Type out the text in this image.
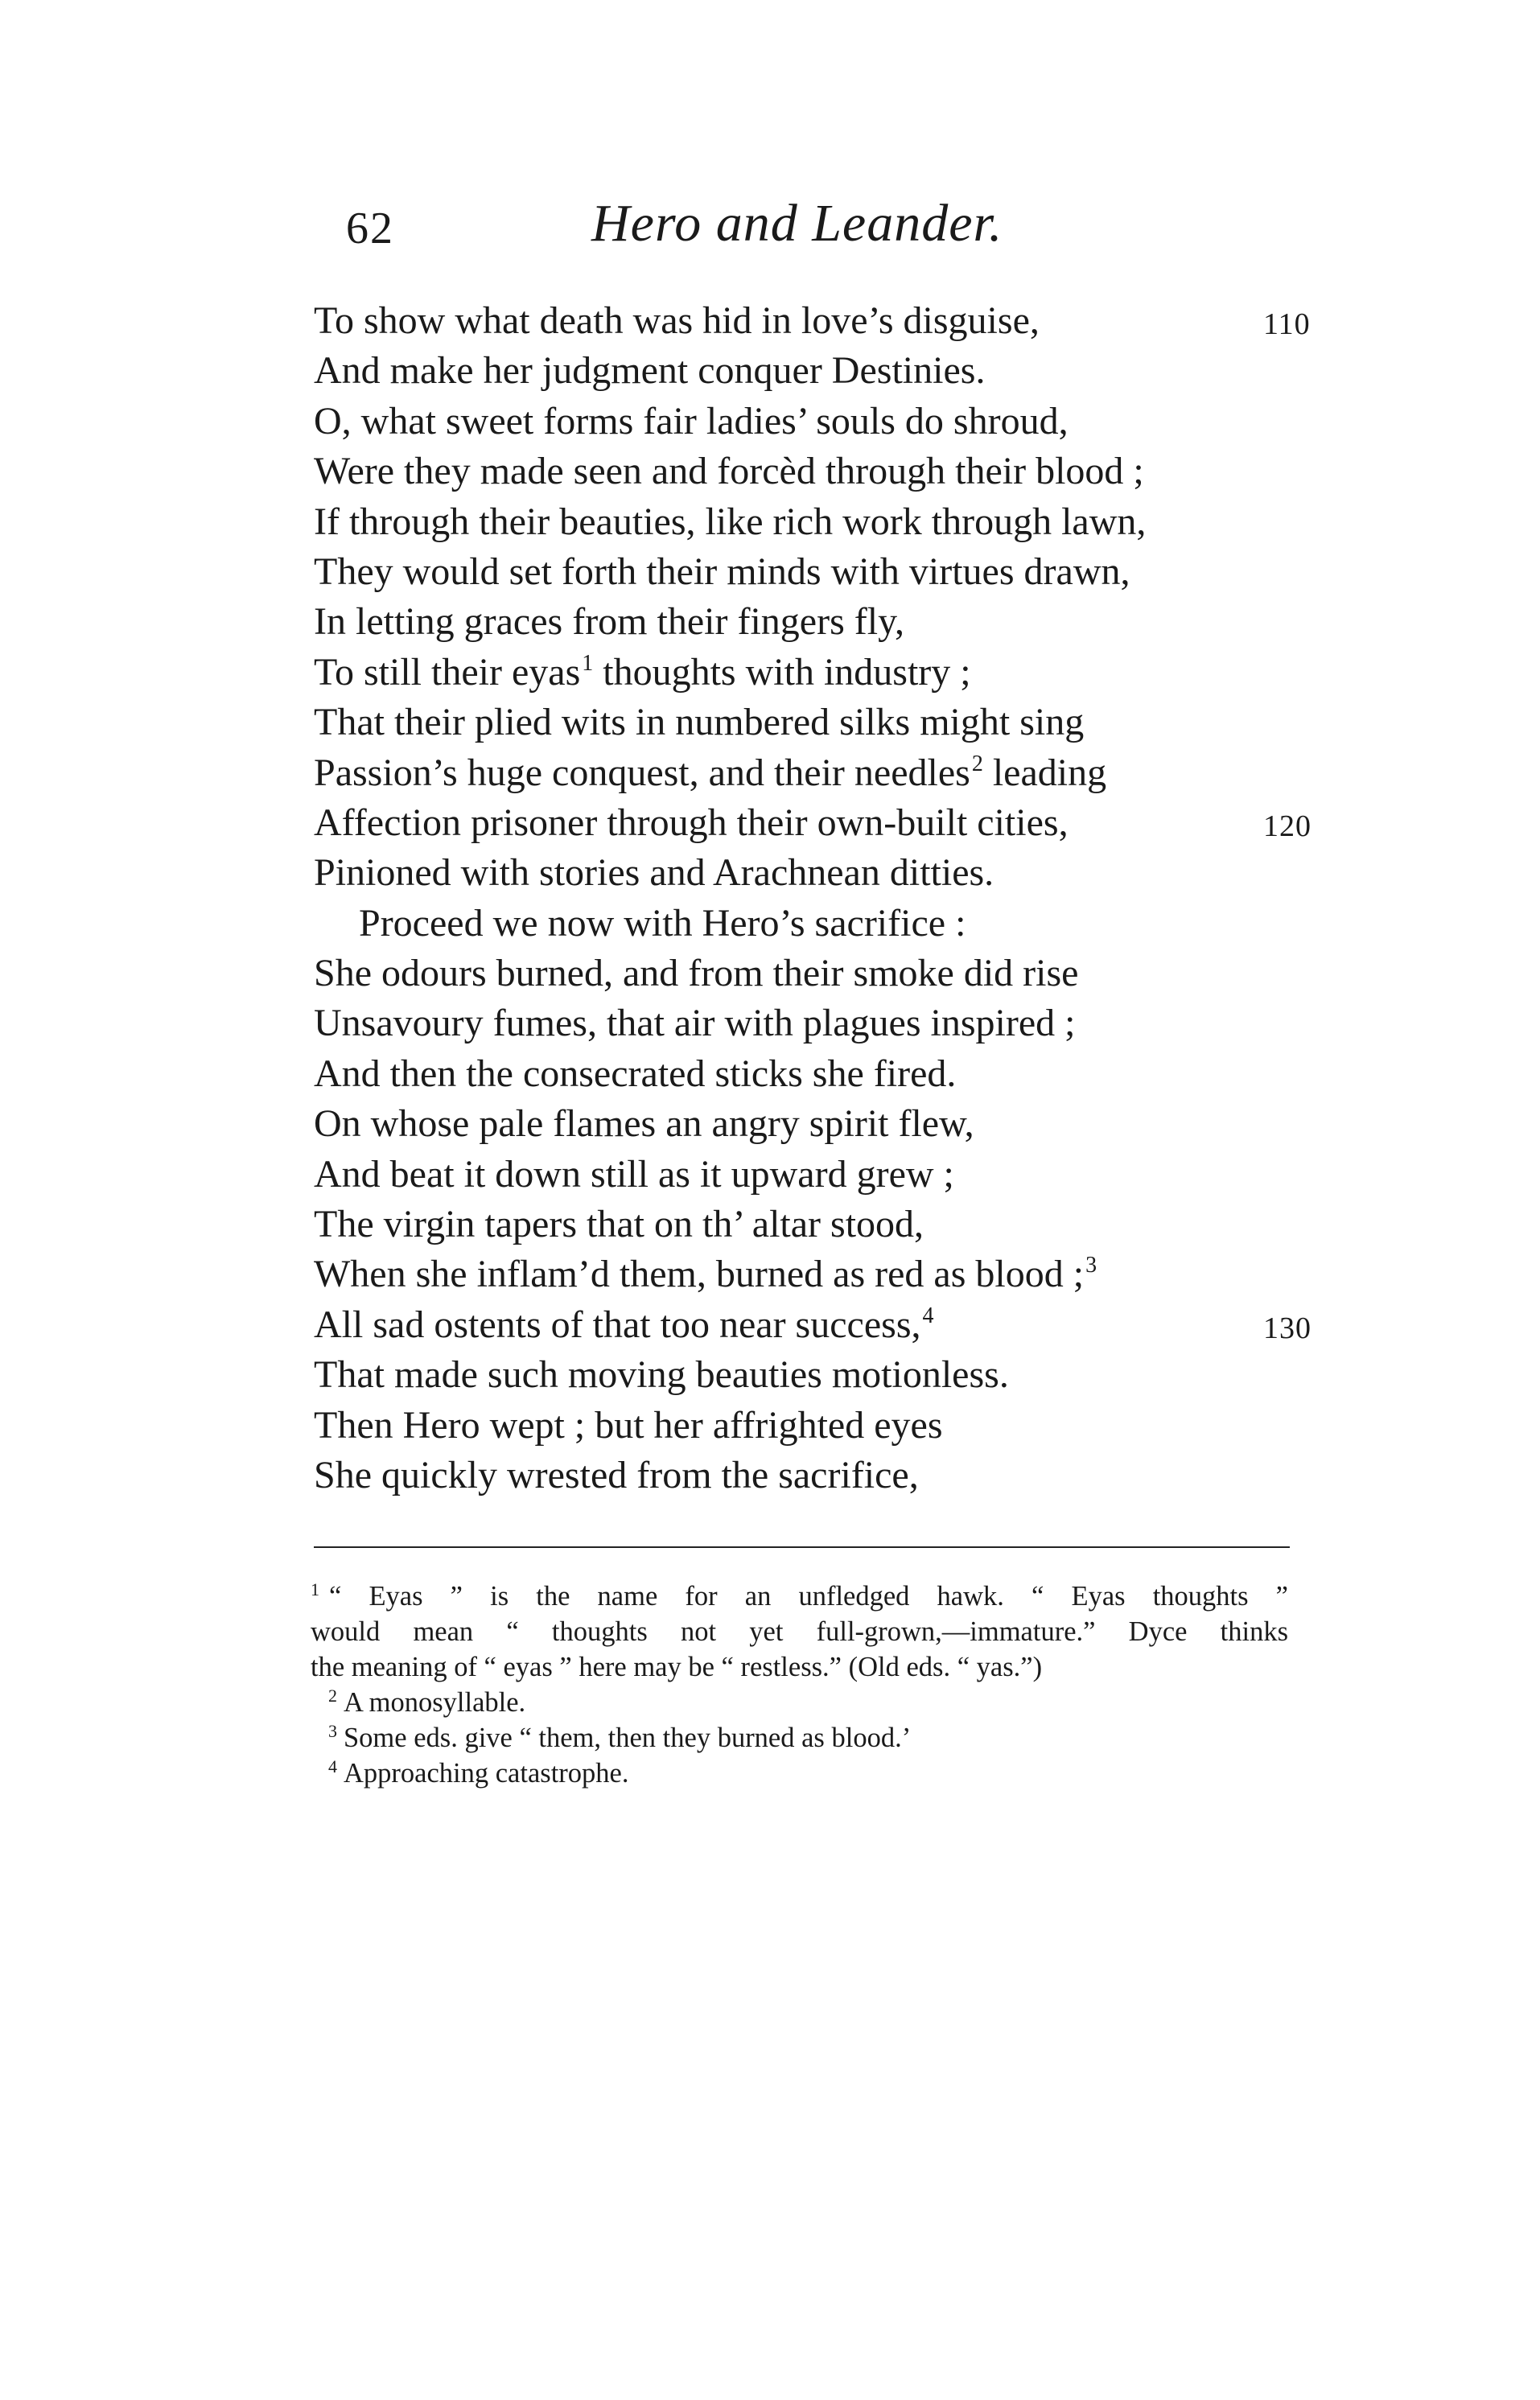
62	Hero and Leander.
To show what death was hid in love’s disguise,	110
And make her judgment conquer Destinies.
O, what sweet forms fair ladies’ souls do shroud,
Were they made seen and forcèd through their blood ;
If through their beauties, like rich work through lawn,
They would set forth their minds with virtues drawn,
In letting graces from their fingers fly,
To still their eyas$^1$ thoughts with industry ;
That their plied wits in numbered silks might sing
Passion’s huge conquest, and their needles$^2$ leading
Affection prisoner through their own-built cities,	120
Pinioned with stories and Arachnean ditties.
Proceed we now with Hero’s sacrifice :
She odours burned, and from their smoke did rise
Unsavoury fumes, that air with plagues inspired ;
And then the consecrated sticks she fired.
On whose pale flames an angry spirit flew,
And beat it down still as it upward grew ;
The virgin tapers that on th’ altar stood,
When she inflam’d them, burned as red as blood ;$^3$
All sad ostents of that too near success,$^4$	130
That made such moving beauties motionless.
Then Hero wept ; but her affrighted eyes
She quickly wrested from the sacrifice,
$^1$ “ Eyas ” is the name for an unfledged hawk. “ Eyas thoughts ”
would mean “ thoughts not yet full-grown,—immature.” Dyce thinks
the meaning of “ eyas ” here may be “ restless.” (Old eds. “ yas.”)
$^2$ A monosyllable.
$^3$ Some eds. give “ them, then they burned as blood.’
$^4$ Approaching catastrophe.
